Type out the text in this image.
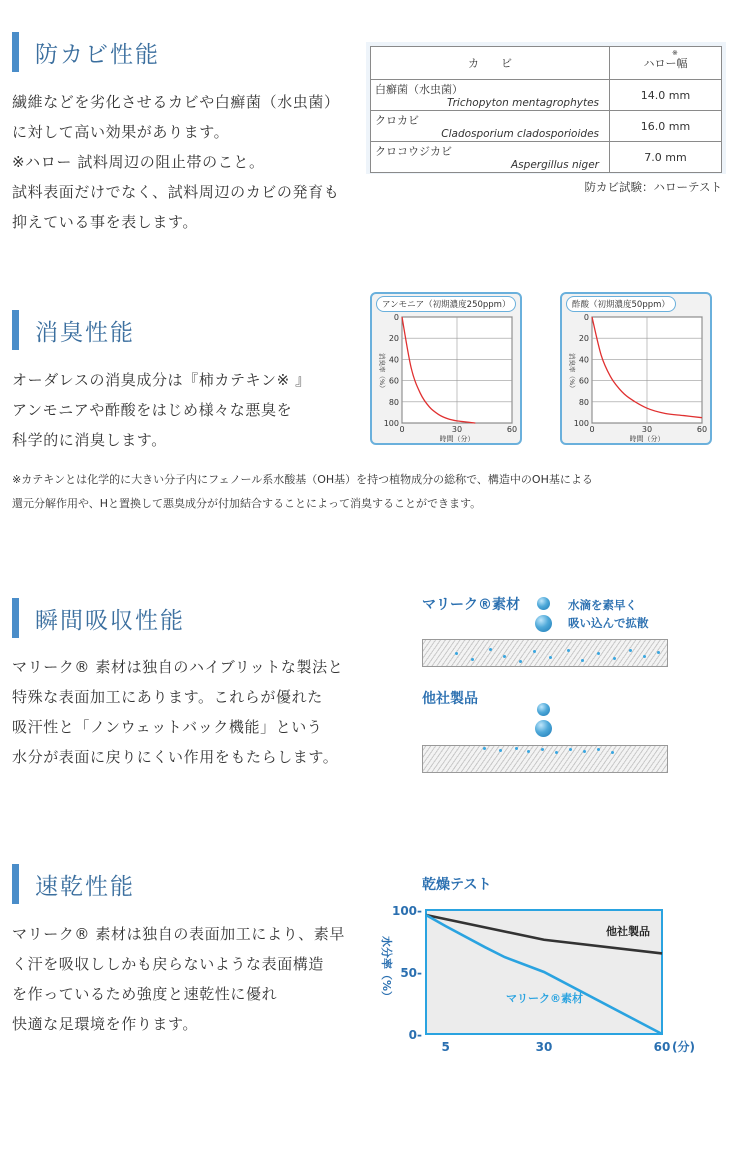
防カビ性能

繊維などを劣化させるカビや白癬菌（水虫菌）

に対して高い効果があります。

※ハロー 試料周辺の阻止帯のこと。

試料表面だけでなく、試料周辺のカビの発育も

抑えている事を表します。

カ　　ビ	ハロー幅
※

白癬菌（水虫菌）
Trichopyton mentagrophytes	14.0 mm
クロカビ
Cladosporium cladosporioides	16.0 mm
クロコウジカビ
Aspergillus niger	7.0 mm
防カビ試験：ハローテスト
消臭性能

オーダレスの消臭成分は『柿カテキン※ 』

アンモニアや酢酸をはじめ様々な悪臭を

科学的に消臭します。

アンモニア（初期濃度250ppm）
0
20
40
60
80
100
0	30	60
時間（分）
消臭率（%）
酢酸（初期濃度50ppm）
0
20
40
60
80
100
0	30	60
時間（分）
消臭率（%）

※カテキンとは化学的に大きい分子内にフェノール系水酸基（OH基）を持つ植物成分の総称で、構造中のOH基による

還元分解作用や、Hと置換して悪臭成分が付加結合することによって消臭することができます。

瞬間吸収性能

マリーク® 素材は独自のハイブリットな製法と

特殊な表面加工にあります。これらが優れた

吸汗性と「ノンウェットバック機能」という

水分が表面に戻りにくい作用をもたらします。

マリーク®素材	水滴を素早く
吸い込んで拡散
他社製品
速乾性能

マリーク® 素材は独自の表面加工により、素早

く汗を吸収ししかも戻らないような表面構造

を作っているため強度と速乾性に優れ

快適な足環境を作ります。

乾燥テスト
100-
50-
0-
5	30	60 (分)
水分率（%）
他社製品
マリーク®素材
